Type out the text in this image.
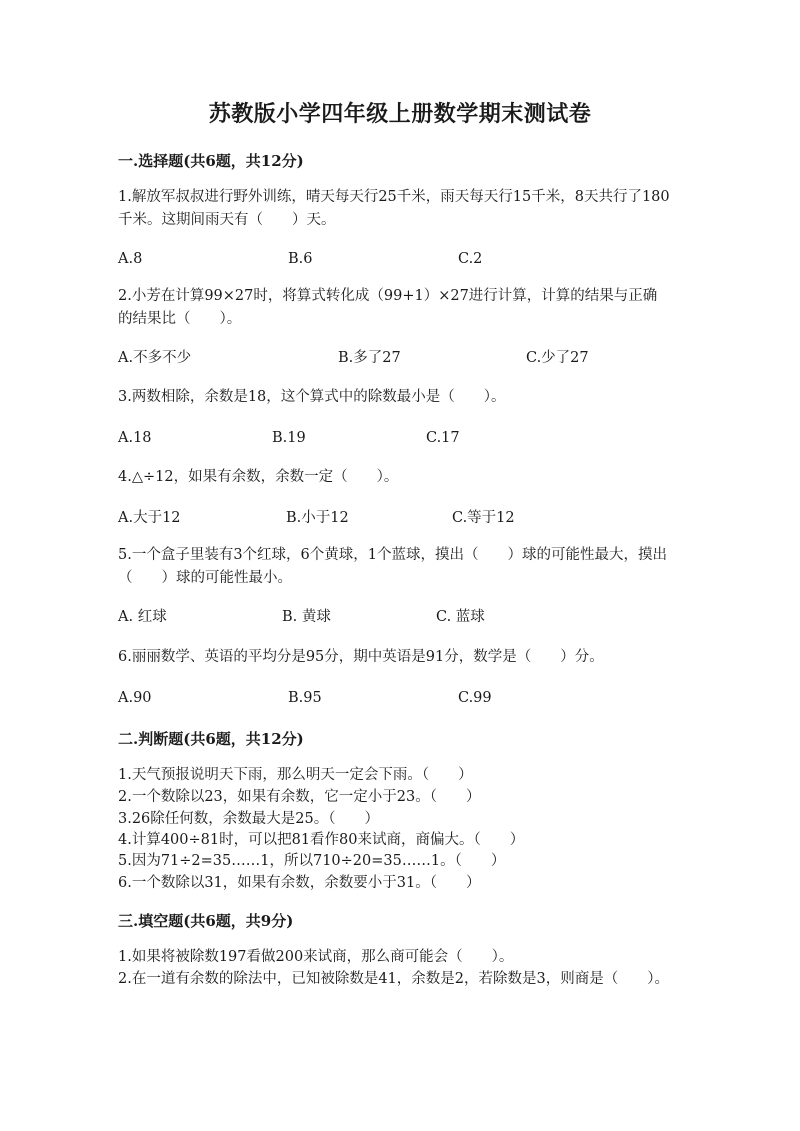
苏教版小学四年级上册数学期末测试卷
一.选择题(共6题，共12分)

1.解放军叔叔进行野外训练，晴天每天行25千米，雨天每天行15千米，8天共行了180千米。这期间雨天有（　　）天。

A.8	B.6	C.2

2.小芳在计算99×27时，将算式转化成（99+1）×27进行计算，计算的结果与正确的结果比（　　）。

A.不多不少	B.多了27	C.少了27

3.两数相除，余数是18，这个算式中的除数最小是（　　）。

A.18	B.19	C.17

4.△÷12，如果有余数，余数一定（　　）。

A.大于12	B.小于12	C.等于12

5.一个盒子里装有3个红球，6个黄球，1个蓝球，摸出（　　）球的可能性最大，摸出（　　）球的可能性最小。

A. 红球	B. 黄球	C. 蓝球

6.丽丽数学、英语的平均分是95分，期中英语是91分，数学是（　　）分。

A.90	B.95	C.99
二.判断题(共6题，共12分)
1.天气预报说明天下雨，那么明天一定会下雨。（　　）
2.一个数除以23，如果有余数，它一定小于23。（　　）
3.26除任何数，余数最大是25。（　　）
4.计算400÷81时，可以把81看作80来试商，商偏大。（　　）
5.因为71÷2=35……1，所以710÷20=35……1。（　　）
6.一个数除以31，如果有余数，余数要小于31。（　　）
三.填空题(共6题，共9分)
1.如果将被除数197看做200来试商，那么商可能会（　　）。

2.在一道有余数的除法中，已知被除数是41，余数是2，若除数是3，则商是（　　）。
